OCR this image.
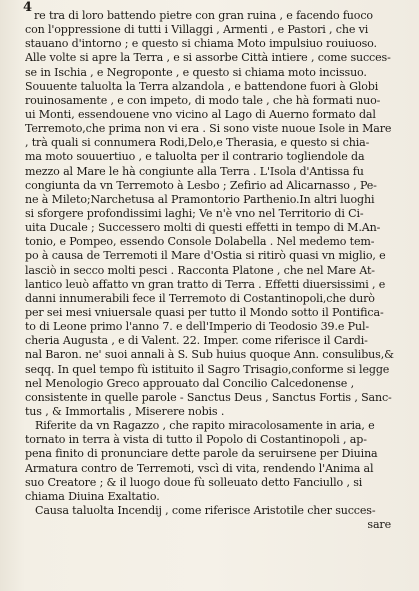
4
re tra di loro battendo pietre con gran ruina , e facendo fuoco
con l'oppressione di tutti i Villaggi , Armenti , e Pastori , che vi
stauano d'intorno ; e questo si chiama Moto impulsiuo rouiuoso.
Alle volte si apre la Terra , e si assorbe Città intiere , come succes-
se in Ischia , e Negroponte , e questo si chiama moto incissuo.
Souuente taluolta la Terra alzandola , e battendone fuori à Globi
rouinosamente , e con impeto, di modo tale , che hà formati nuo-
ui Monti, essendouene vno vicino al Lago di Auerno formato dal
Terremoto,che prima non vi era . Si sono viste nuoue Isole in Mare
, trà quali si connumera Rodi,Delo,e Therasia, e questo si chia-
ma moto souuertiuo , e taluolta per il contrario togliendole da
mezzo al Mare le hà congiunte alla Terra . L'Isola d'Antissa fu
congiunta da vn Terremoto à Lesbo ; Zefirio ad Alicarnasso , Pe-
ne à Mileto;Narchetusa al Pramontorio Parthenio.In altri luoghi
si sforgere profondissimi laghi; Ve n'è vno nel Territorio di Ci-
uita Ducale ; Successero molti di questi effetti in tempo di M.An-
tonio, e Pompeo, essendo Console Dolabella . Nel medemo tem-
po à causa de Terremoti il Mare d'Ostia si ritirò quasi vn miglio, e
lasciò in secco molti pesci . Racconta Platone , che nel Mare At-
lantico leuò affatto vn gran tratto di Terra . Effetti diuersissimi , e
danni innumerabili fece il Terremoto di Costantinopoli,che durò
per sei mesi vniuersale quasi per tutto il Mondo sotto il Pontifica-
to di Leone primo l'anno 7. e dell'Imperio di Teodosio 39.e Pul-
cheria Augusta , e di Valent. 22. Imper. come riferisce il Cardi-
nal Baron. ne' suoi annali à S. Sub huius quoque Ann. consulibus,&
seqq. In quel tempo fù istituito il Sagro Trisagio,conforme si legge
nel Menologio Greco approuato dal Concilio Calcedonense ,
consistente in quelle parole - Sanctus Deus , Sanctus Fortis , Sanc-
tus , & Immortalis , Miserere nobis .
Riferite da vn Ragazzo , che rapito miracolosamente in aria, e
tornato in terra à vista di tutto il Popolo di Costantinopoli , ap-
pena finito di pronunciare dette parole da seruirsene per Diuina
Armatura contro de Terremoti, vscì di vita, rendendo l'Anima al
suo Creatore ; & il luogo doue fù solleuato detto Fanciullo , si
chiama Diuina Exaltatio.
Causa taluolta Incendij , come riferisce Aristotile cher succes-
sare
